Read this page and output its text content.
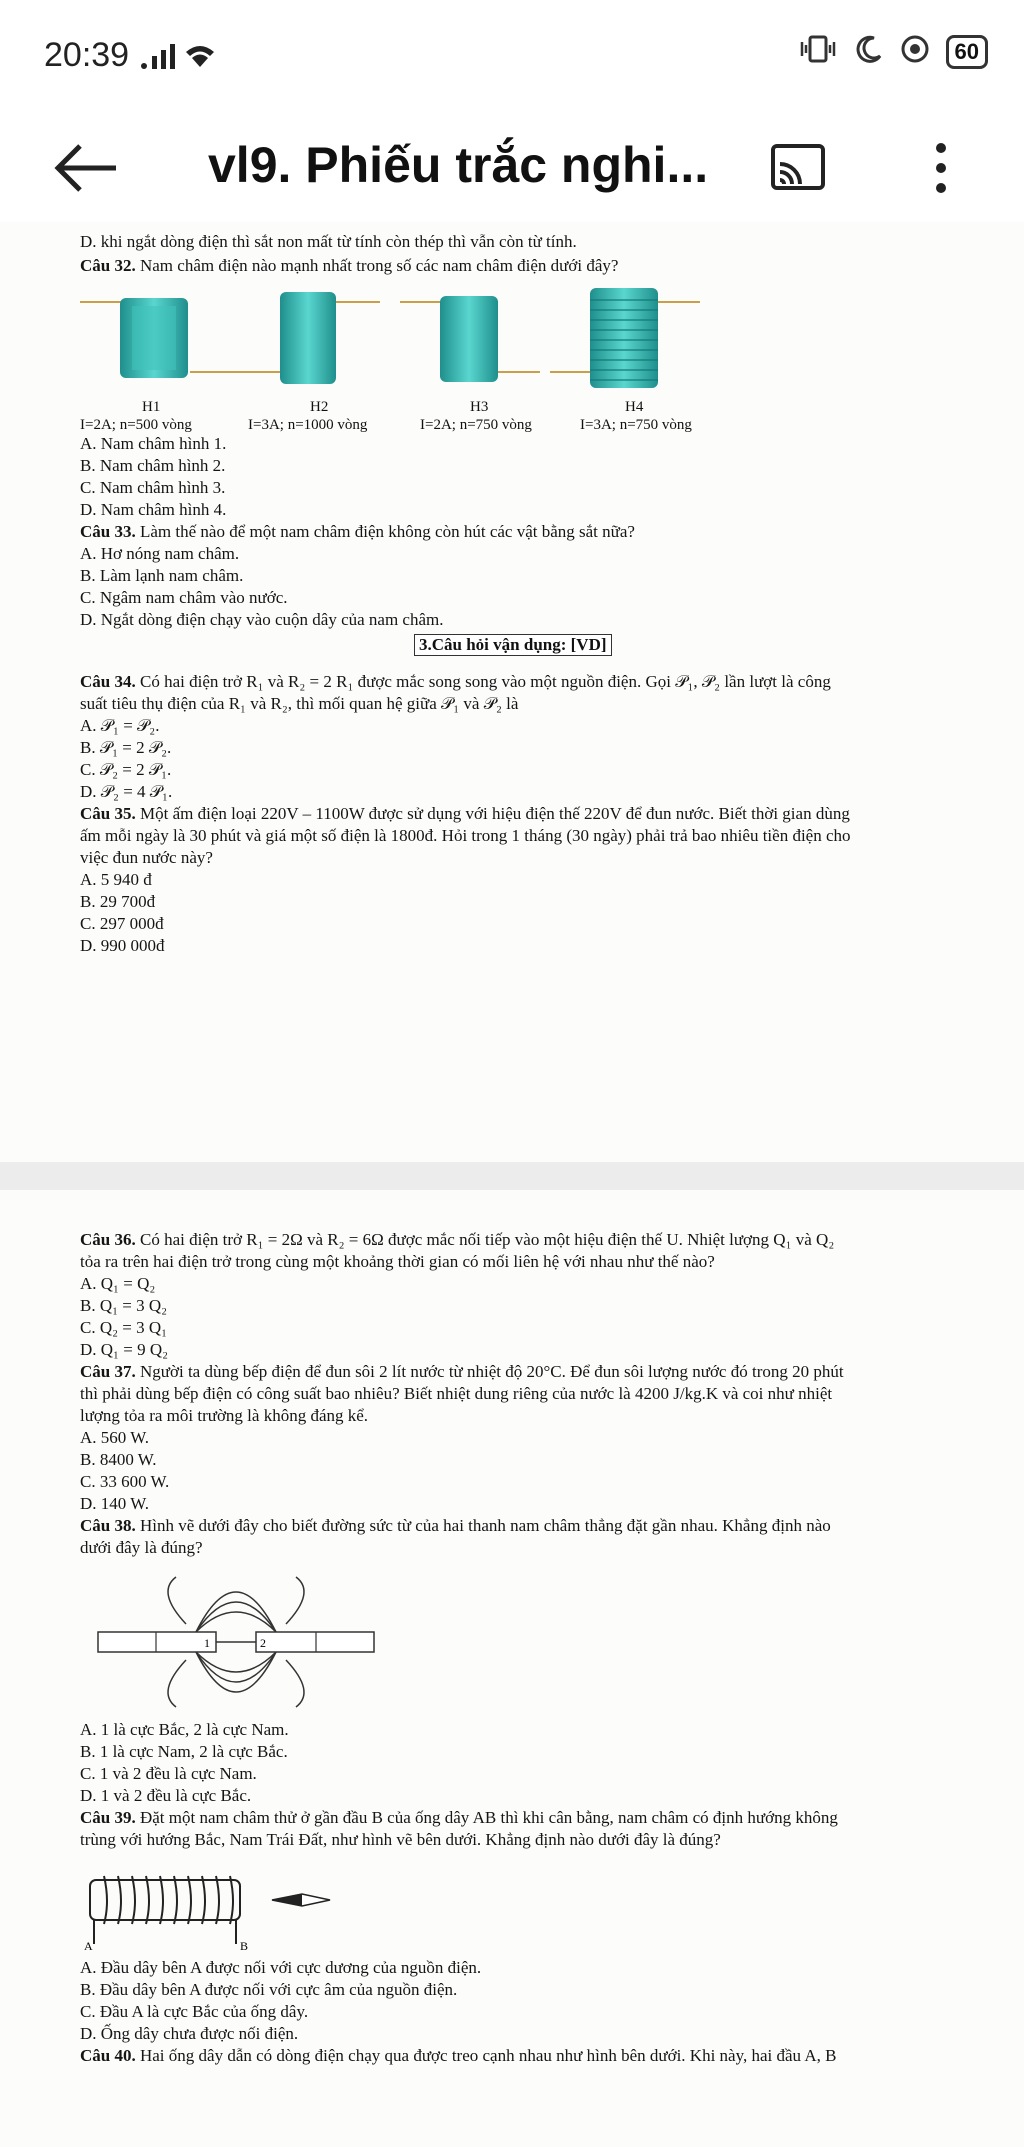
20:39	60
vl9. Phiếu trắc nghi...
D. khi ngắt dòng điện thì sắt non mất từ tính còn thép thì vẫn còn từ tính.
Câu 32. Nam châm điện nào mạnh nhất trong số các nam châm điện dưới đây?
A. Nam châm hình 1.
B. Nam châm hình 2.
C. Nam châm hình 3.
D. Nam châm hình 4.
Câu 33. Làm thế nào để một nam châm điện không còn hút các vật bằng sắt nữa?
A. Hơ nóng nam châm.
B. Làm lạnh nam châm.
C. Ngâm nam châm vào nước.
D. Ngắt dòng điện chạy vào cuộn dây của nam châm.
Câu 34. Có hai điện trở R₁ và R₂ = 2 R₁ được mắc song song vào một nguồn điện. Gọi 𝒫₁, 𝒫₂ lần lượt là công
suất tiêu thụ điện của R₁ và R₂, thì mối quan hệ giữa 𝒫₁ và 𝒫₂ là
A. 𝒫₁ = 𝒫₂.
B. 𝒫₁ = 2 𝒫₂.
C. 𝒫₂ = 2 𝒫₁.
D. 𝒫₂ = 4 𝒫₁.
Câu 35. Một ấm điện loại 220V – 1100W được sử dụng với hiệu điện thế 220V để đun nước. Biết thời gian dùng
ấm mỗi ngày là 30 phút và giá một số điện là 1800đ. Hỏi trong 1 tháng (30 ngày) phải trả bao nhiêu tiền điện cho
việc đun nước này?
A. 5 940 đ
B. 29 700đ
C. 297 000đ
D. 990 000đ
H1
I=2A; n=500 vòng
H2
I=3A; n=1000 vòng
H3
I=2A; n=750 vòng
H4
I=3A; n=750 vòng
3.Câu hỏi vận dụng: [VD]
Câu 36. Có hai điện trở R₁ = 2Ω và R₂ = 6Ω được mắc nối tiếp vào một hiệu điện thế U. Nhiệt lượng Q₁ và Q₂
tỏa ra trên hai điện trở trong cùng một khoảng thời gian có mối liên hệ với nhau như thế nào?
A. Q₁ = Q₂
B. Q₁ = 3 Q₂
C. Q₂ = 3 Q₁
D. Q₁ = 9 Q₂
Câu 37. Người ta dùng bếp điện để đun sôi 2 lít nước từ nhiệt độ 20°C. Để đun sôi lượng nước đó trong 20 phút
thì phải dùng bếp điện có công suất bao nhiêu? Biết nhiệt dung riêng của nước là 4200 J/kg.K và coi như nhiệt
lượng tỏa ra môi trường là không đáng kể.
A. 560 W.
B. 8400 W.
C. 33 600 W.
D. 140 W.
Câu 38. Hình vẽ dưới đây cho biết đường sức từ của hai thanh nam châm thẳng đặt gần nhau. Khẳng định nào
dưới đây là đúng?
A. 1 là cực Bắc, 2 là cực Nam.
B. 1 là cực Nam, 2 là cực Bắc.
C. 1 và 2 đều là cực Nam.
D. 1 và 2 đều là cực Bắc.
Câu 39. Đặt một nam châm thử ở gần đầu B của ống dây AB thì khi cân bằng, nam châm có định hướng không
trùng với hướng Bắc, Nam Trái Đất, như hình vẽ bên dưới. Khẳng định nào dưới đây là đúng?
A. Đầu dây bên A được nối với cực dương của nguồn điện.
B. Đầu dây bên A được nối với cực âm của nguồn điện.
C. Đầu A là cực Bắc của ống dây.
D. Ống dây chưa được nối điện.
Câu 40. Hai ống dây dẫn có dòng điện chạy qua được treo cạnh nhau như hình bên dưới. Khi này, hai đầu A, B
1	2
A	B
